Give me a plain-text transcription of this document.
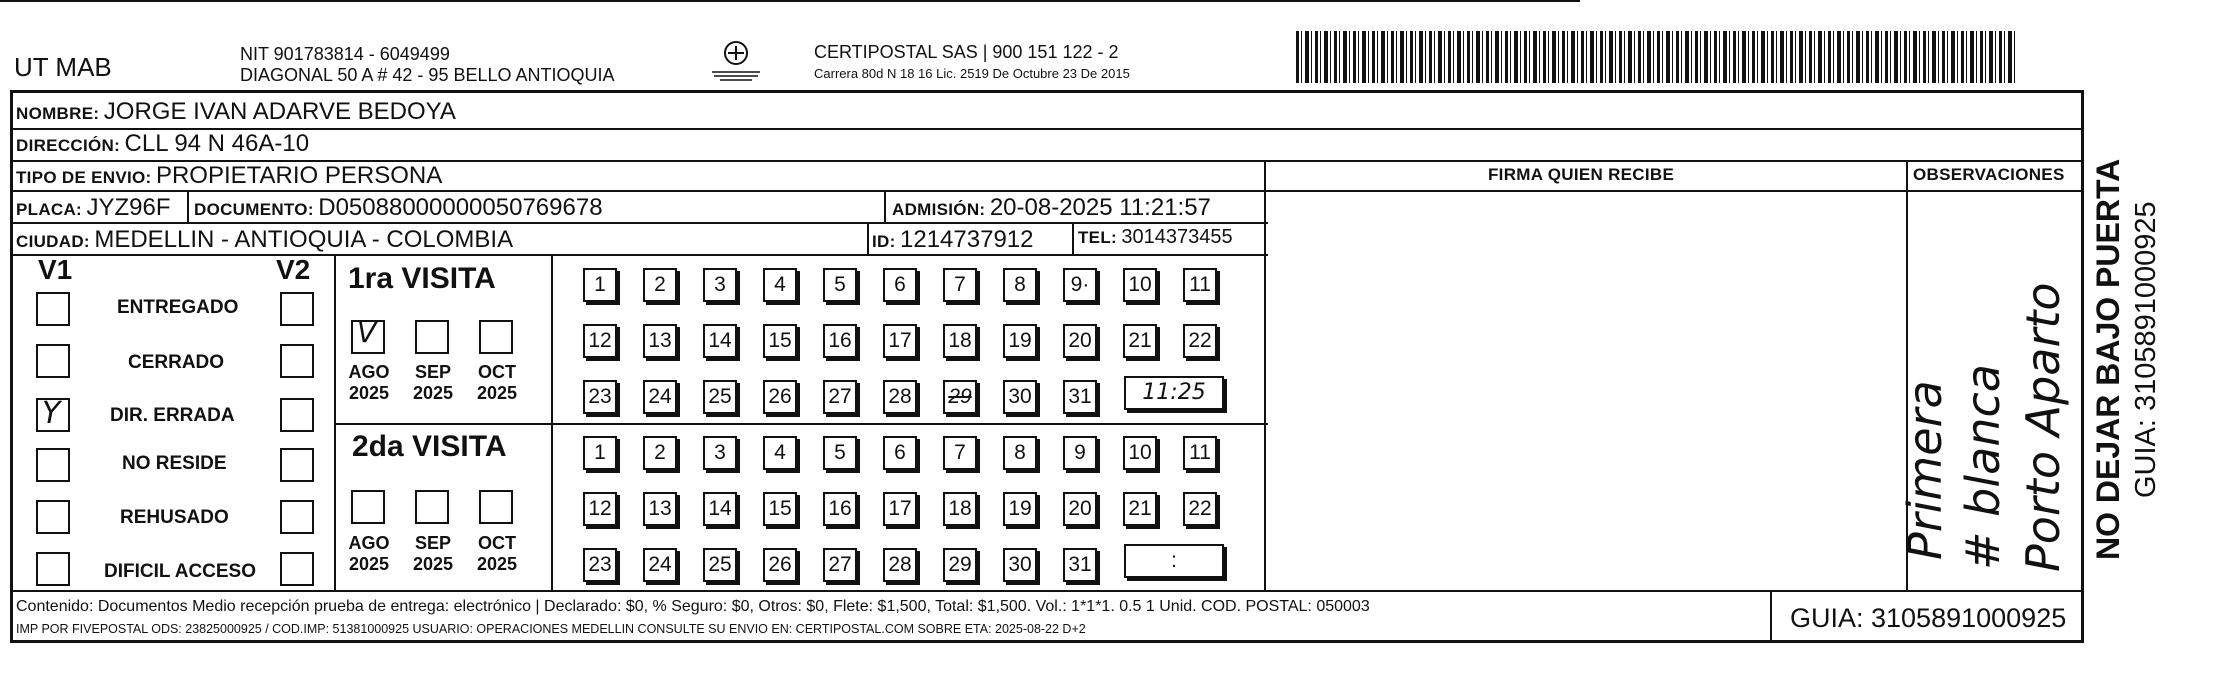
UT MAB	NIT 901783814 - 6049499
DIAGONAL 50 A # 42 - 95 BELLO ANTIOQUIA
CERTIPOSTAL SAS | 900 151 122 - 2
Carrera 80d N 18 16 Lic. 2519 De Octubre 23 De 2015
NOMBRE: JORGE IVAN ADARVE BEDOYA
DIRECCIÓN: CLL 94 N 46A-10
TIPO DE ENVIO: PROPIETARIO PERSONA	FIRMA QUIEN RECIBE	OBSERVACIONES
PLACA: JYZ96F DOCUMENTO: D05088000000050769678	ADMISIÓN: 20-08-2025 11:21:57
CIUDAD: MEDELLIN - ANTIOQUIA - COLOMBIA	ID: 1214737912	TEL: 3014373455
V1	V2
ENTREGADO
CERRADO
Y	DIR. ERRADA
NO RESIDE
REHUSADO
DIFICIL ACCESO
1ra VISITA
V
AGO
2025
SEP
2025
OCT
2025
1	2	3	4	5	6	7	8	9·	10 11
12 13 14 15 16 17 18 19 20 21 22
23 24 25 26 27 28 29 30 31	11:25
2da VISITA
AGO
2025
SEP
2025
OCT
2025
1	2	3	4	5	6	7	8	9	10 11
12 13 14 15 16 17 18 19 20 21 22
23 24 25 26 27 28 29 30 31	:
Primera # blanca Porto Aparto NO DEJAR BAJO PUERTA GUIA: 3105891000925
Contenido: Documentos Medio recepción prueba de entrega: electrónico | Declarado: $0, % Seguro: $0, Otros: $0, Flete: $1,500, Total: $1,500. Vol.: 1*1*1. 0.5 1 Unid. COD. POSTAL: 050003
IMP POR FIVEPOSTAL ODS: 23825000925 / COD.IMP: 51381000925 USUARIO: OPERACIONES MEDELLIN CONSULTE SU ENVIO EN: CERTIPOSTAL.COM SOBRE ETA: 2025-08-22 D+2	GUIA: 3105891000925
